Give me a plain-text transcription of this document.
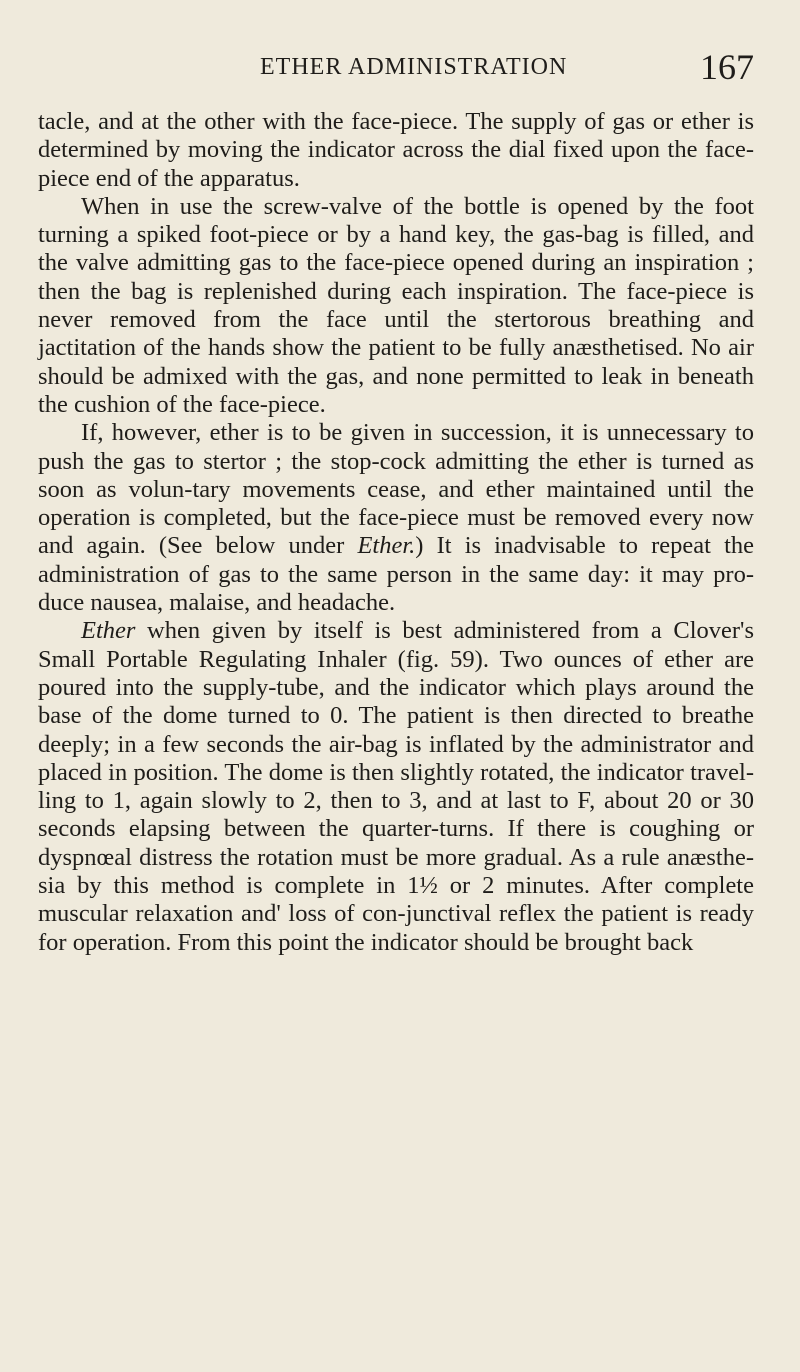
ETHER ADMINISTRATION	167

tacle, and at the other with the face-piece. The supply of gas or ether is determined by moving the indicator across the dial fixed upon the face-piece end of the apparatus.

When in use the screw-valve of the bottle is opened by the foot turning a spiked foot-piece or by a hand key, the gas-bag is filled, and the valve admitting gas to the face-piece opened during an inspiration ; then the bag is replenished during each inspiration. The face-piece is never removed from the face until the stertorous breathing and jactitation of the hands show the patient to be fully anæsthetised. No air should be admixed with the gas, and none permitted to leak in beneath the cushion of the face-piece.

If, however, ether is to be given in succession, it is unnecessary to push the gas to stertor ; the stop-cock admitting the ether is turned as soon as volun-tary movements cease, and ether maintained until the operation is completed, but the face-piece must be removed every now and again. (See below under Ether.) It is inadvisable to repeat the administration of gas to the same person in the same day: it may pro-duce nausea, malaise, and headache.

Ether when given by itself is best administered from a Clover's Small Portable Regulating Inhaler (fig. 59). Two ounces of ether are poured into the supply-tube, and the indicator which plays around the base of the dome turned to 0. The patient is then directed to breathe deeply; in a few seconds the air-bag is inflated by the administrator and placed in position. The dome is then slightly rotated, the indicator travel-ling to 1, again slowly to 2, then to 3, and at last to F, about 20 or 30 seconds elapsing between the quarter-turns. If there is coughing or dyspnœal distress the rotation must be more gradual. As a rule anæsthe-sia by this method is complete in 1½ or 2 minutes. After complete muscular relaxation and' loss of con-junctival reflex the patient is ready for operation. From this point the indicator should be brought back
